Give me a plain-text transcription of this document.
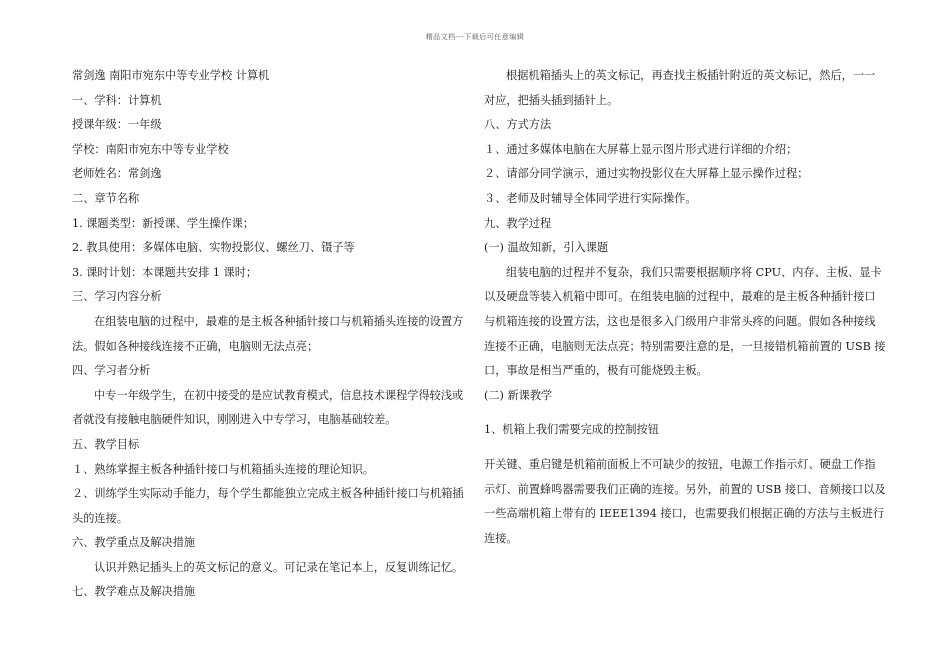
精品文档---下载后可任意编辑

常剑逸 南阳市宛东中等专业学校 计算机

一、学科：计算机

授课年级：一年级

学校：南阳市宛东中等专业学校

老师姓名：常剑逸

二、章节名称

1. 课题类型：新授课、学生操作课；

2. 教具使用：多媒体电脑、实物投影仪、螺丝刀、镊子等

3. 课时计划：本课题共安排 1 课时；

三、学习内容分析

在组装电脑的过程中，最难的是主板各种插针接口与机箱插头连接的设置方

法。假如各种接线连接不正确，电脑则无法点亮；

四、学习者分析

中专一年级学生，在初中接受的是应试教育模式，信息技术课程学得较浅或

者就没有接触电脑硬件知识，刚刚进入中专学习，电脑基础较差。

五、教学目标

１、熟练掌握主板各种插针接口与机箱插头连接的理论知识。

２、训练学生实际动手能力，每个学生都能独立完成主板各种插针接口与机箱插

头的连接。

六、教学重点及解决措施

认识并熟记插头上的英文标记的意义。可记录在笔记本上，反复训练记忆。

七、教学难点及解决措施

根据机箱插头上的英文标记，再查找主板插针附近的英文标记，然后，一一

对应，把插头插到插针上。

八、方式方法

１、通过多媒体电脑在大屏幕上显示图片形式进行详细的介绍；

２、请部分同学演示，通过实物投影仪在大屏幕上显示操作过程；

３、老师及时辅导全体同学进行实际操作。

九、教学过程

(一) 温故知新，引入课题

组装电脑的过程并不复杂，我们只需要根据顺序将 CPU、内存、主板、显卡

以及硬盘等装入机箱中即可。在组装电脑的过程中，最难的是主板各种插针接口

与机箱连接的设置方法，这也是很多入门级用户非常头疼的问题。假如各种接线

连接不正确，电脑则无法点亮；特别需要注意的是，一旦接错机箱前置的 USB 接

口，事故是相当严重的，极有可能烧毁主板。

(二) 新课教学

1、机箱上我们需要完成的控制按钮

开关键、重启键是机箱前面板上不可缺少的按钮，电源工作指示灯、硬盘工作指

示灯、前置蜂鸣器需要我们正确的连接。另外，前置的 USB 接口、音频接口以及

一些高端机箱上带有的 IEEE1394 接口，也需要我们根据正确的方法与主板进行

连接。
